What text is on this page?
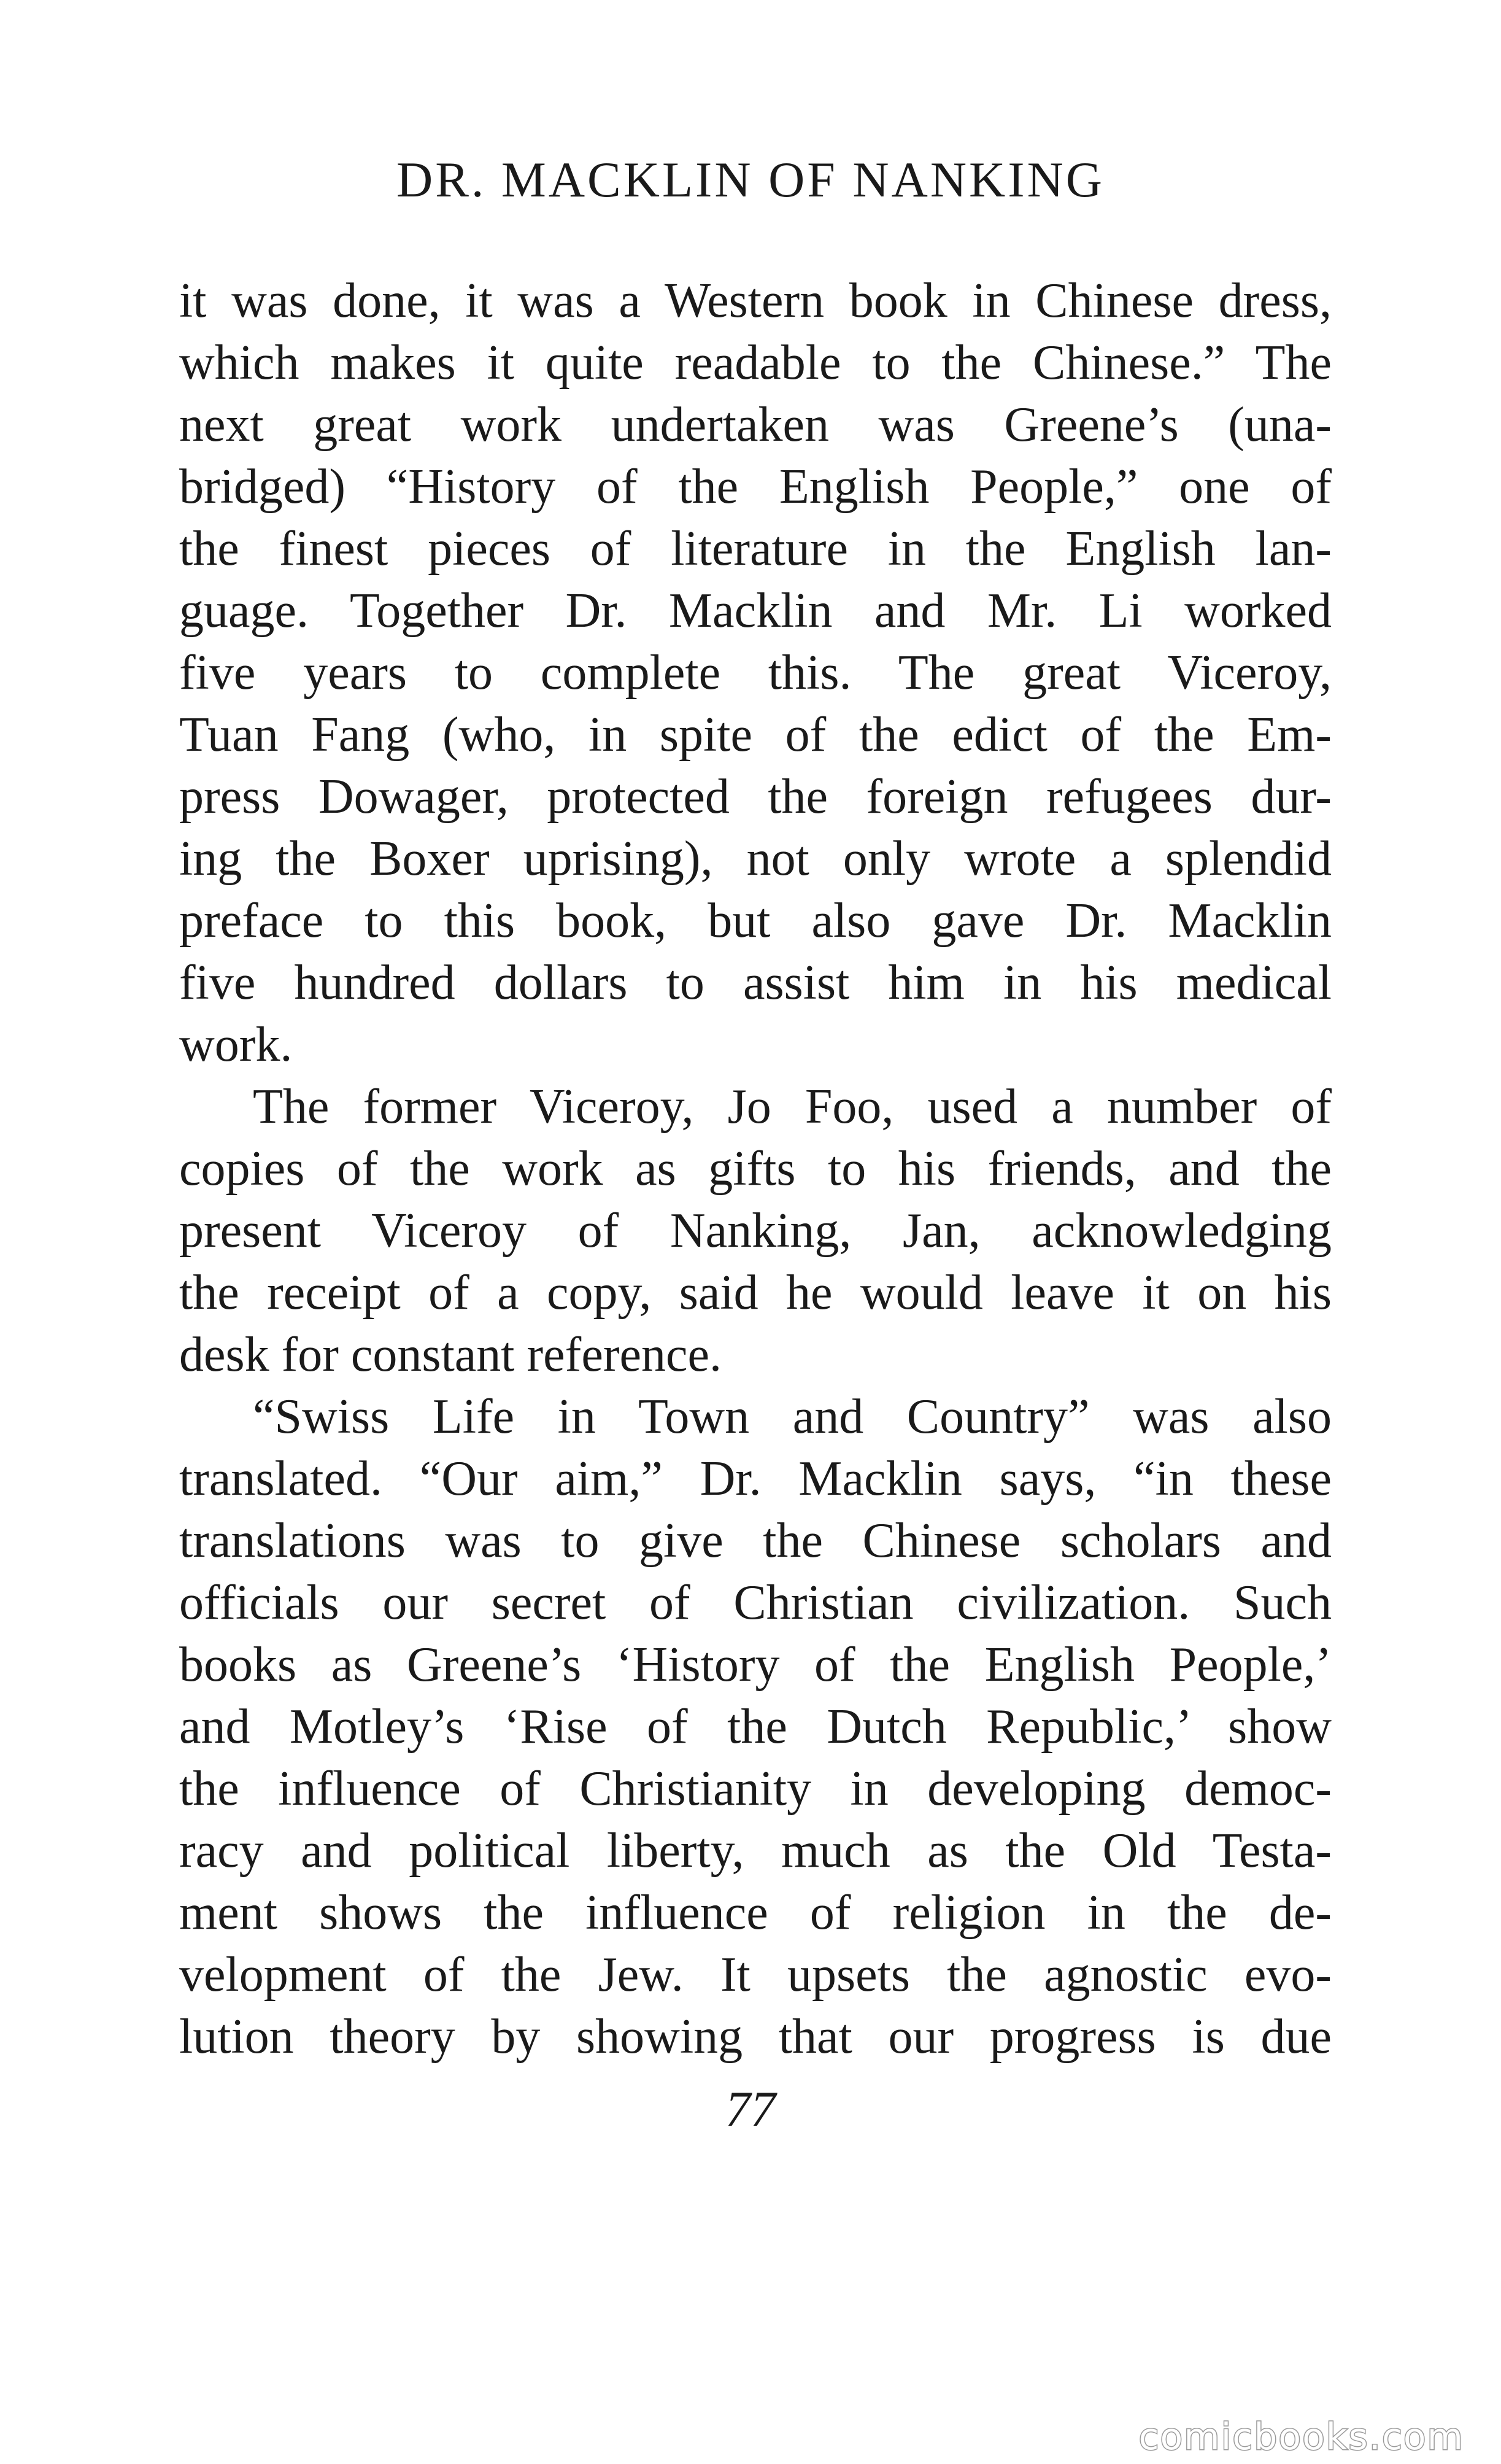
DR. MACKLIN OF NANKING
it was done, it was a Western book in Chinese dress,
which makes it quite readable to the Chinese.” The
next great work undertaken was Greene’s (una-
bridged) “History of the English People,” one of
the finest pieces of literature in the English lan-
guage. Together Dr. Macklin and Mr. Li worked
five years to complete this. The great Viceroy,
Tuan Fang (who, in spite of the edict of the Em-
press Dowager, protected the foreign refugees dur-
ing the Boxer uprising), not only wrote a splendid
preface to this book, but also gave Dr. Macklin
five hundred dollars to assist him in his medical
work.
The former Viceroy, Jo Foo, used a number of
copies of the work as gifts to his friends, and the
present Viceroy of Nanking, Jan, acknowledging
the receipt of a copy, said he would leave it on his
desk for constant reference.
“Swiss Life in Town and Country” was also
translated. “Our aim,” Dr. Macklin says, “in these
translations was to give the Chinese scholars and
officials our secret of Christian civilization. Such
books as Greene’s ‘History of the English People,’
and Motley’s ‘Rise of the Dutch Republic,’ show
the influence of Christianity in developing democ-
racy and political liberty, much as the Old Testa-
ment shows the influence of religion in the de-
velopment of the Jew. It upsets the agnostic evo-
lution theory by showing that our progress is due
77
comicbooks.com
